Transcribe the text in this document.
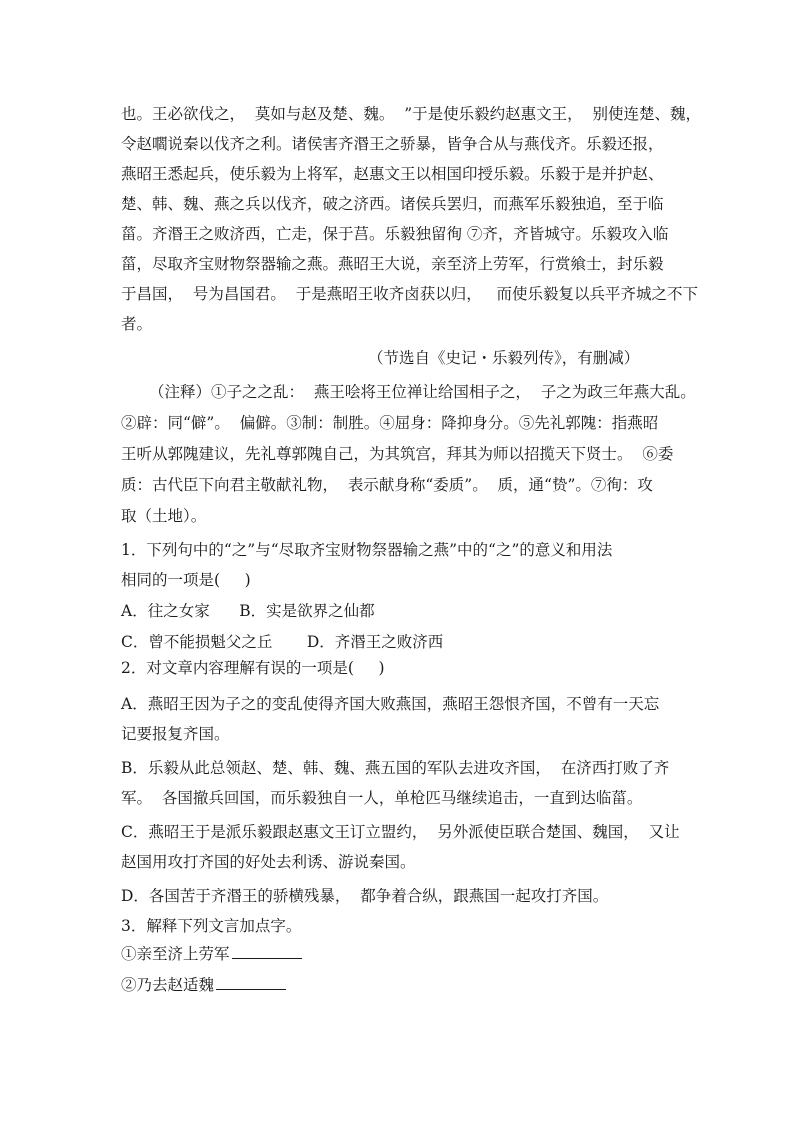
也。王必欲伐之，  莫如与赵及楚、魏。  ”于是使乐毅约赵惠文王，  别使连楚、魏，
令赵嚪说秦以伐齐之利。诸侯害齐湣王之骄暴，皆争合从与燕伐齐。乐毅还报，
燕昭王悉起兵，使乐毅为上将军，赵惠文王以相国印授乐毅。乐毅于是并护赵、
楚、韩、魏、燕之兵以伐齐，破之济西。诸侯兵罢归，而燕军乐毅独追，至于临
菑。齐湣王之败济西，亡走，保于莒。乐毅独留徇 ⑦齐，齐皆城守。乐毅攻入临
菑，尽取齐宝财物祭器输之燕。燕昭王大说，亲至济上劳军，行赏飨士，封乐毅
于昌国，  号为昌国君。  于是燕昭王收齐卤获以归，   而使乐毅复以兵平齐城之不下
者。
（节选自《史记・乐毅列传》，有删减）
（注释）①子之之乱：  燕王哙将王位禅让给国相子之，  子之为政三年燕大乱。
②辟：同“僻”。  偏僻。③制：制胜。④屈身：降抑身分。⑤先礼郭隗：指燕昭
王听从郭隗建议，先礼尊郭隗自己，为其筑宫，拜其为师以招揽天下贤士。  ⑥委
质：古代臣下向君主敬献礼物，  表示献身称“委质”。  质，通“贽”。⑦徇：攻
取（土地）。
1．下列句中的“之”与“尽取齐宝财物祭器输之燕”中的“之”的意义和用法
相同的一项是(     )
A．往之女家      B．实是欲界之仙都
C．曾不能损魁父之丘       D．齐湣王之败济西
2．对文章内容理解有误的一项是(     )
A．燕昭王因为子之的变乱使得齐国大败燕国，燕昭王怨恨齐国，不曾有一天忘
记要报复齐国。
B．乐毅从此总领赵、楚、韩、魏、燕五国的军队去进攻齐国，  在济西打败了齐
军。  各国撤兵回国，而乐毅独自一人，单枪匹马继续追击，一直到达临菑。
C．燕昭王于是派乐毅跟赵惠文王订立盟约，  另外派使臣联合楚国、魏国，  又让
赵国用攻打齐国的好处去利诱、游说秦国。
D．各国苦于齐湣王的骄横残暴，  都争着合纵，跟燕国一起攻打齐国。
3．解释下列文言加点字。
①亲至济上劳军
②乃去赵适魏
